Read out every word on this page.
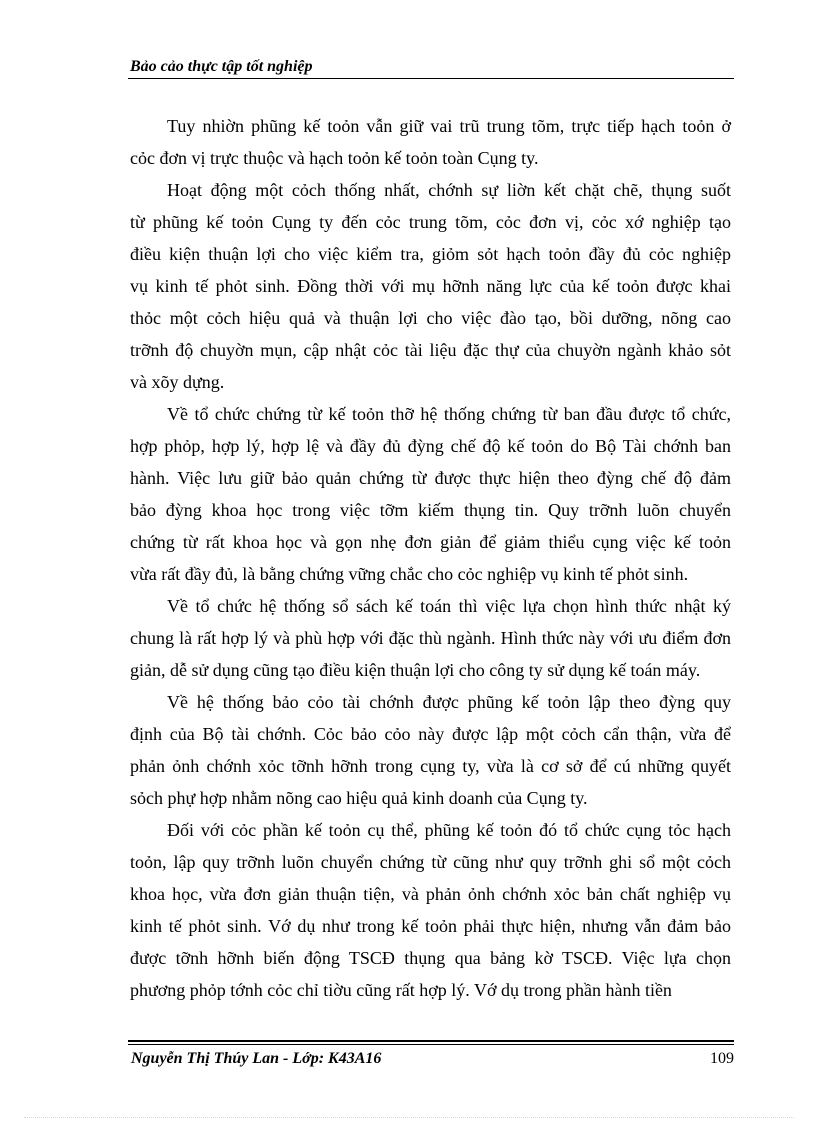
Bảo cảo thực tập tốt nghiệp
Tuy nhiờn phũng kế toỏn vẫn giữ vai trũ trung tõm, trực tiếp hạch toỏn ở
cỏc đơn vị trực thuộc và hạch toỏn kế toỏn toàn Cụng ty.
Hoạt động một cỏch thống nhất, chớnh sự liờn kết chặt chẽ, thụng suốt
từ phũng kế toỏn Cụng ty đến cỏc trung tõm, cỏc đơn vị, cỏc xớ nghiệp tạo
điều kiện thuận lợi cho việc kiểm tra, giỏm sỏt hạch toỏn đầy đủ cỏc nghiệp
vụ kinh tế phỏt sinh. Đồng thời với mụ hỡnh năng lực của kế toỏn được khai
thỏc một cỏch hiệu quả và thuận lợi cho việc đào tạo, bồi dưỡng, nõng cao
trỡnh độ chuyờn mụn, cập nhật cỏc tài liệu đặc thự của chuyờn ngành khảo sỏt
và xõy dựng.
Về tổ chức chứng từ kế toỏn thỡ hệ thống chứng từ ban đầu được tổ chức,
hợp phỏp, hợp lý, hợp lệ và đầy đủ đỳng chế độ kế toỏn do Bộ Tài chớnh ban
hành. Việc lưu giữ bảo quản chứng từ được thực hiện theo đỳng chế độ đảm
bảo đỳng khoa học trong việc tỡm kiếm thụng tin. Quy trỡnh luõn chuyển
chứng từ rất khoa học và gọn nhẹ đơn giản để giảm thiểu cụng việc kế toỏn
vừa rất đầy đủ, là bằng chứng vững chắc cho cỏc nghiệp vụ kinh tế phỏt sinh.
Về tổ chức hệ thống sổ sách kế toán thì việc lựa chọn hình thức nhật ký
chung là rất hợp lý và phù hợp với đặc thù ngành. Hình thức này với ưu điểm đơn
giản, dễ sử dụng cũng tạo điều kiện thuận lợi cho công ty sử dụng kế toán máy.
Về hệ thống bảo cỏo tài chớnh được phũng kế toỏn lập theo đỳng quy
định của Bộ tài chớnh. Cỏc bảo cỏo này được lập một cỏch cẩn thận, vừa để
phản ỏnh chớnh xỏc tỡnh hỡnh trong cụng ty, vừa là cơ sở để cú những quyết
sỏch phự hợp nhằm nõng cao hiệu quả kinh doanh của Cụng ty.
Đối với cỏc phần kế toỏn cụ thể, phũng kế toỏn đó tổ chức cụng tỏc hạch
toỏn, lập quy trỡnh luõn chuyển chứng từ cũng như quy trỡnh ghi sổ một cỏch
khoa học, vừa đơn giản thuận tiện, và phản ỏnh chớnh xỏc bản chất nghiệp vụ
kinh tế phỏt sinh. Vớ dụ như trong kế toỏn phải thực hiện, nhưng vẫn đảm bảo
được tỡnh hỡnh biến động TSCĐ thụng qua bảng kờ TSCĐ. Việc lựa chọn
phương phỏp tớnh cỏc chỉ tiờu cũng rất hợp lý. Vớ dụ trong phần hành tiền
Nguyễn Thị Thúy Lan - Lớp: K43A16	109
